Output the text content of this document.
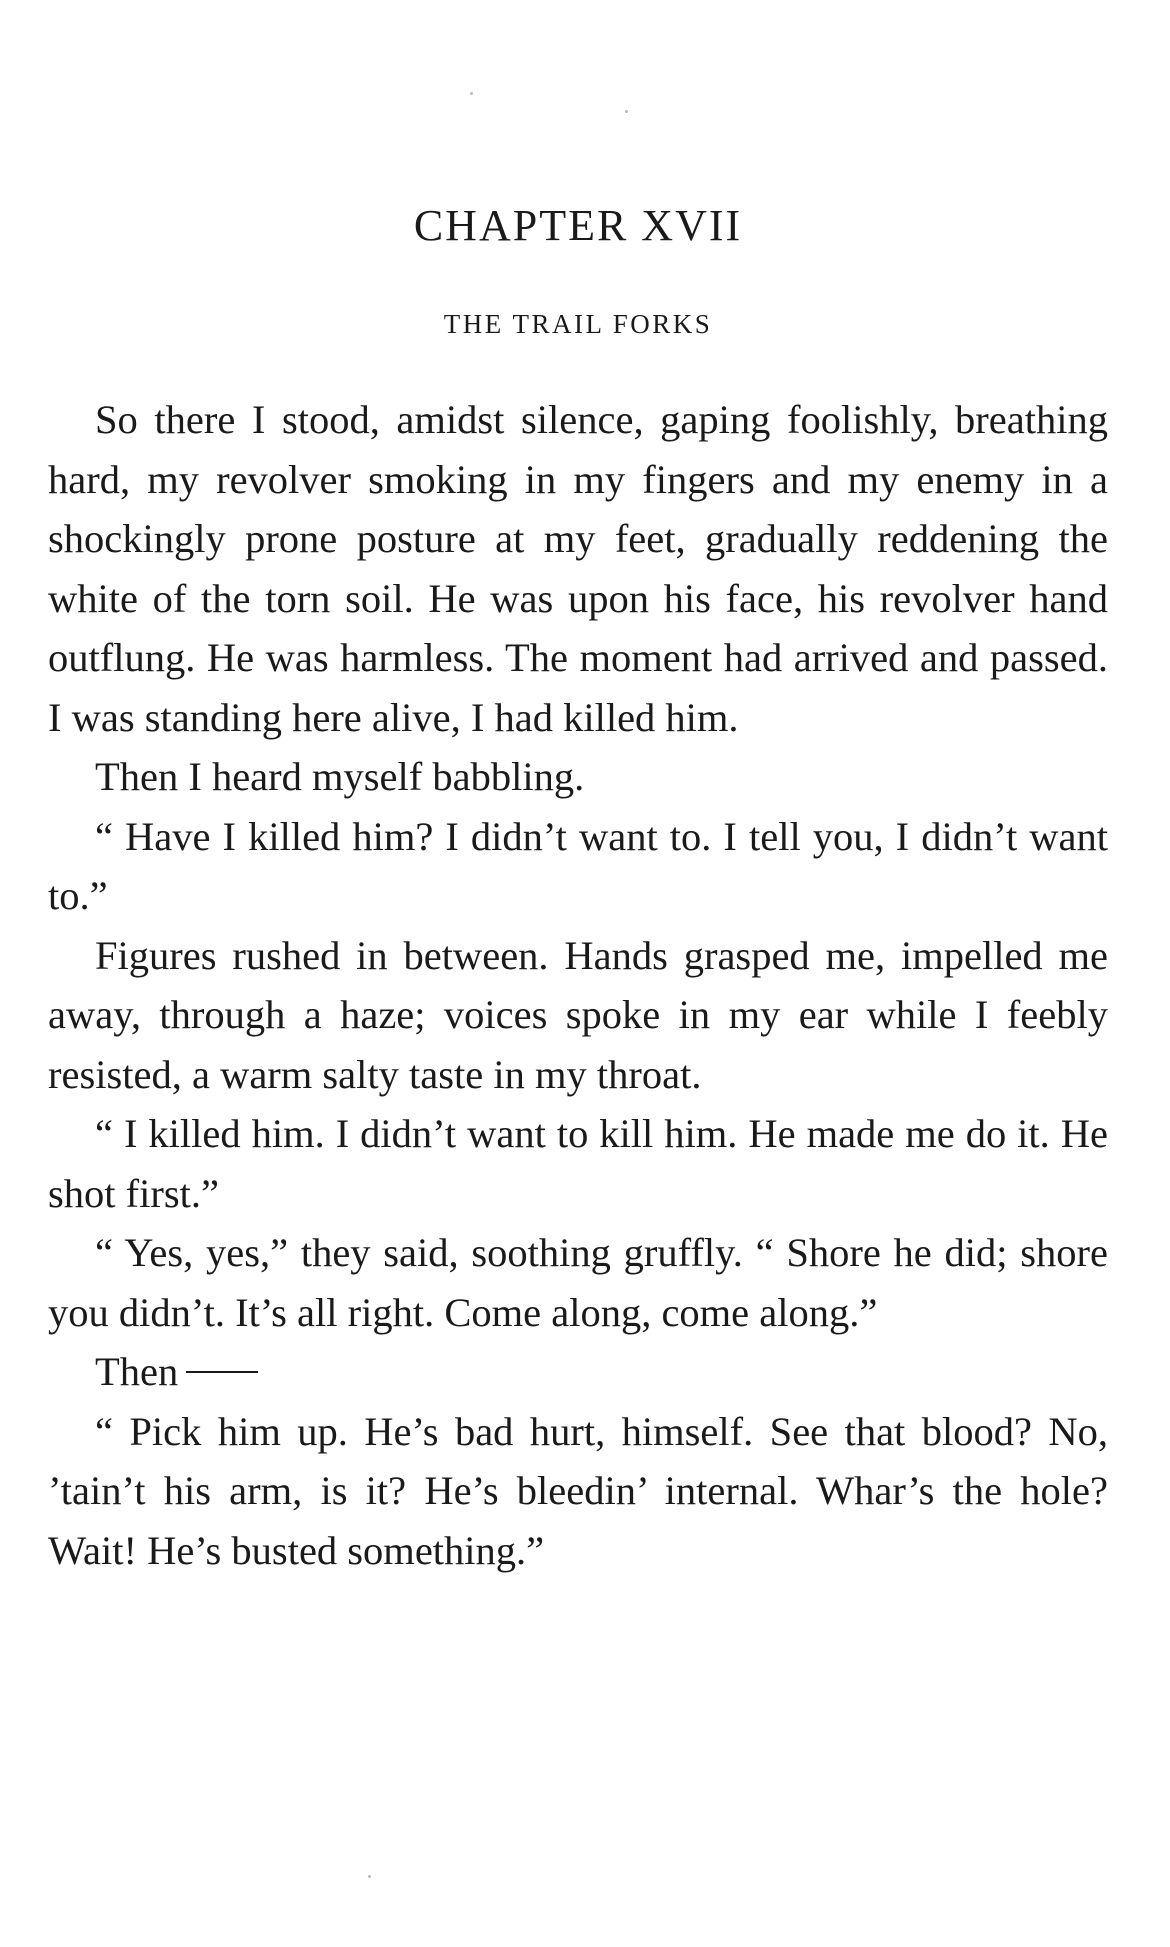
CHAPTER XVII
THE TRAIL FORKS

So there I stood, amidst silence, gaping foolishly, breathing hard, my revolver smoking in my fingers and my enemy in a shockingly prone posture at my feet, gradually reddening the white of the torn soil. He was upon his face, his revolver hand outflung. He was harmless. The moment had arrived and passed. I was standing here alive, I had killed him.

Then I heard myself babbling.

“ Have I killed him? I didn’t want to. I tell you, I didn’t want to.”

Figures rushed in between. Hands grasped me, impelled me away, through a haze; voices spoke in my ear while I feebly resisted, a warm salty taste in my throat.

“ I killed him. I didn’t want to kill him. He made me do it. He shot first.”

“ Yes, yes,” they said, soothing gruffly. “ Shore he did; shore you didn’t. It’s all right. Come along, come along.”

Then

“ Pick him up. He’s bad hurt, himself. See that blood? No, ’tain’t his arm, is it? He’s bleedin’ internal. Whar’s the hole? Wait! He’s busted something.”
